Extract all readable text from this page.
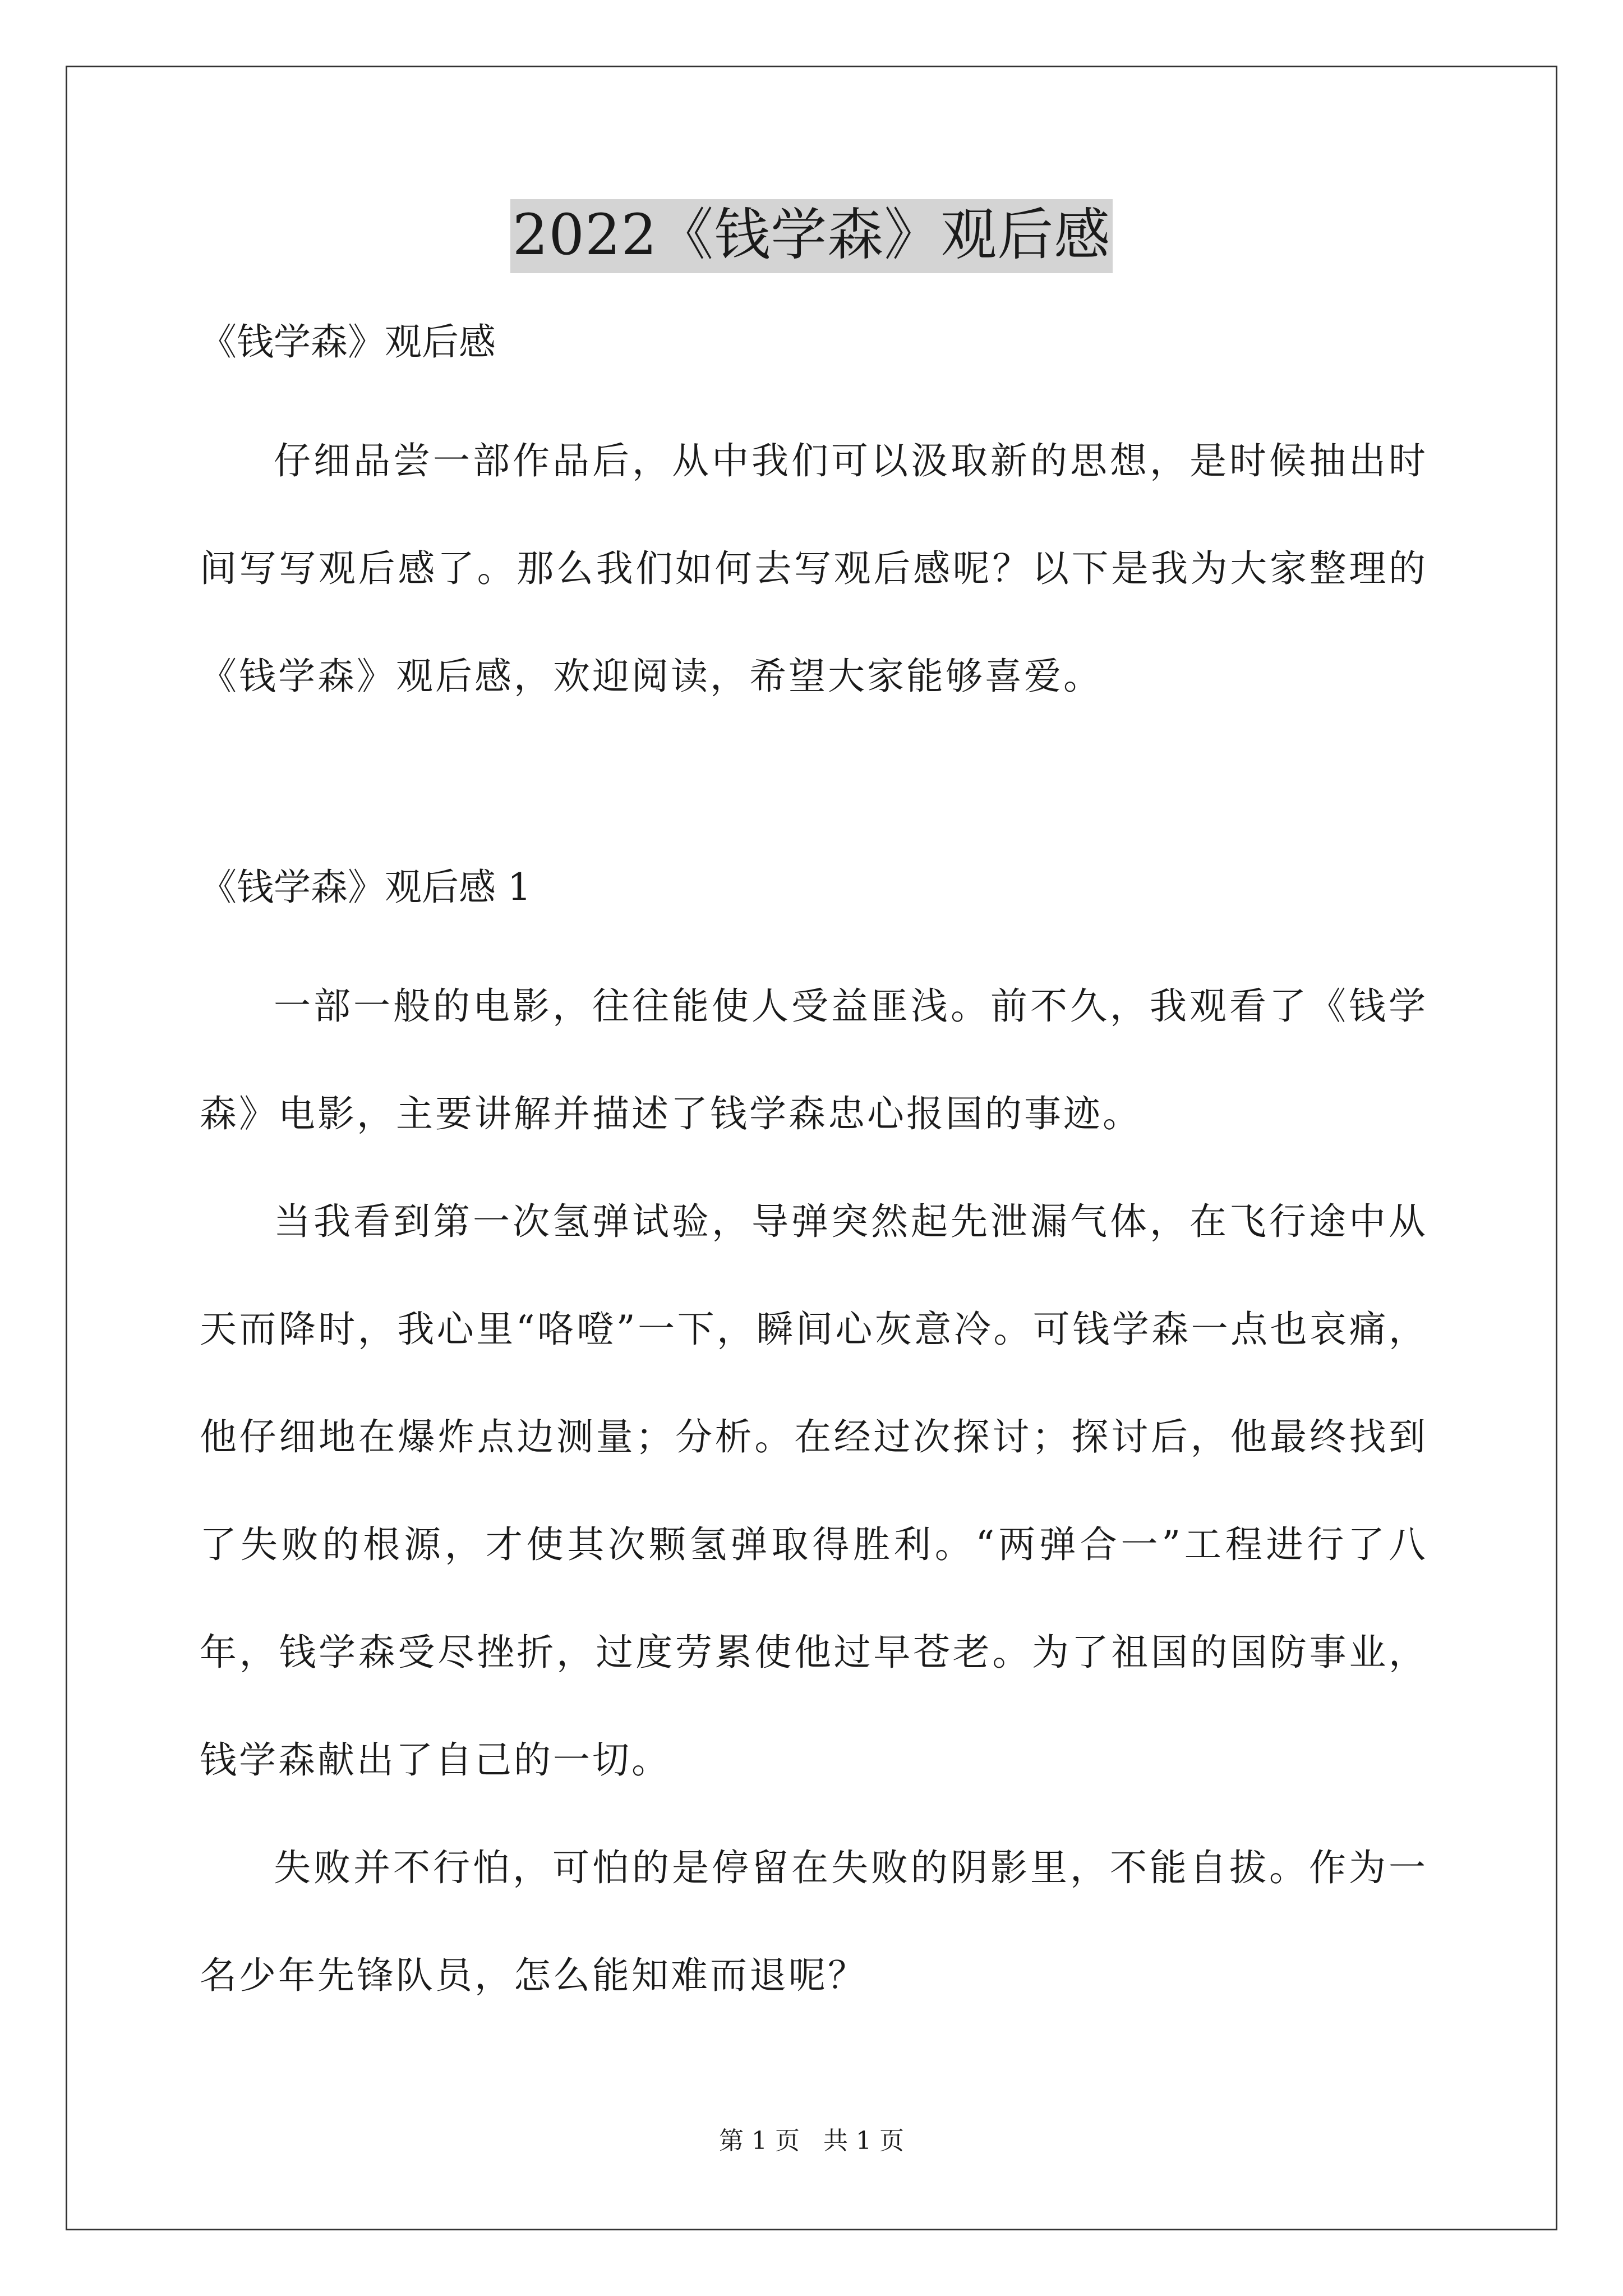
2022《钱学森》观后感

《钱学森》观后感

仔细品尝一部作品后，从中我们可以汲取新的思想，是时候抽出时间写写观后感了。那么我们如何去写观后感呢？以下是我为大家整理的《钱学森》观后感，欢迎阅读，希望大家能够喜爱。

《钱学森》观后感 1

一部一般的电影，往往能使人受益匪浅。前不久，我观看了《钱学森》电影，主要讲解并描述了钱学森忠心报国的事迹。

当我看到第一次氢弹试验，导弹突然起先泄漏气体，在飞行途中从天而降时，我心里“咯噔”一下，瞬间心灰意冷。可钱学森一点也哀痛，他仔细地在爆炸点边测量；分析。在经过次探讨；探讨后，他最终找到了失败的根源，才使其次颗氢弹取得胜利。“两弹合一”工程进行了八年，钱学森受尽挫折，过度劳累使他过早苍老。为了祖国的国防事业，钱学森献出了自己的一切。

失败并不行怕，可怕的是停留在失败的阴影里，不能自拔。作为一名少年先锋队员，怎么能知难而退呢？

第 1 页   共 1 页
